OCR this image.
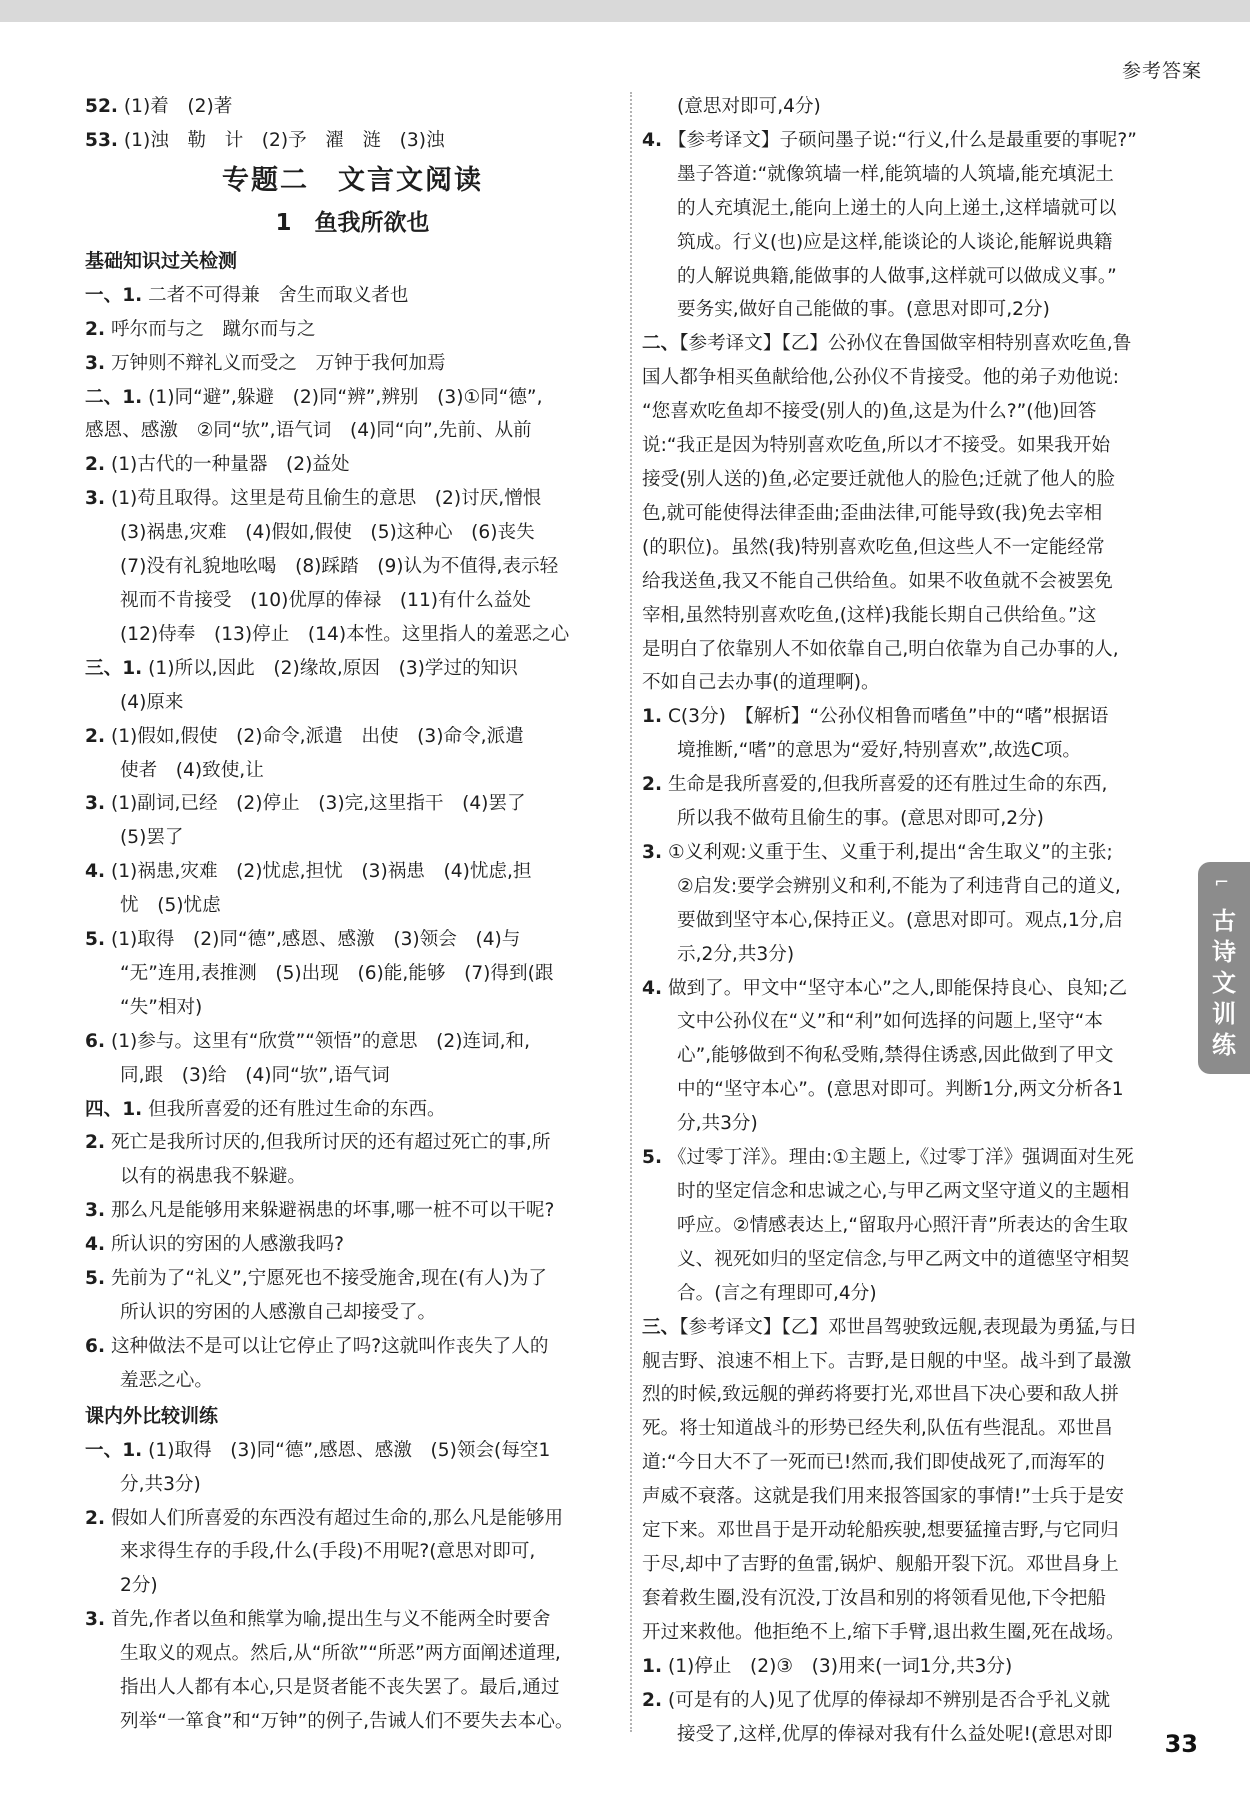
参考答案
52. (1)着　(2)著
53. (1)浊　勒　计　(2)予　濯　涟　(3)浊
专题二　文言文阅读
1　鱼我所欲也
基础知识过关检测
一、1. 二者不可得兼　舍生而取义者也
2. 呼尔而与之　蹴尔而与之
3. 万钟则不辩礼义而受之　万钟于我何加焉
二、1. (1)同“避”,躲避　(2)同“辨”,辨别　(3)①同“德”,
感恩、感激　②同“欤”,语气词　(4)同“向”,先前、从前
2. (1)古代的一种量器　(2)益处
3. (1)苟且取得。这里是苟且偷生的意思　(2)讨厌,憎恨
(3)祸患,灾难　(4)假如,假使　(5)这种心　(6)丧失
(7)没有礼貌地吆喝　(8)踩踏　(9)认为不值得,表示轻
视而不肯接受　(10)优厚的俸禄　(11)有什么益处
(12)侍奉　(13)停止　(14)本性。这里指人的羞恶之心
三、1. (1)所以,因此　(2)缘故,原因　(3)学过的知识
(4)原来
2. (1)假如,假使　(2)命令,派遣　出使　(3)命令,派遣
使者　(4)致使,让
3. (1)副词,已经　(2)停止　(3)完,这里指干　(4)罢了
(5)罢了
4. (1)祸患,灾难　(2)忧虑,担忧　(3)祸患　(4)忧虑,担
忧　(5)忧虑
5. (1)取得　(2)同“德”,感恩、感激　(3)领会　(4)与
“无”连用,表推测　(5)出现　(6)能,能够　(7)得到(跟
“失”相对)
6. (1)参与。这里有“欣赏”“领悟”的意思　(2)连词,和,
同,跟　(3)给　(4)同“欤”,语气词
四、1. 但我所喜爱的还有胜过生命的东西。
2. 死亡是我所讨厌的,但我所讨厌的还有超过死亡的事,所
以有的祸患我不躲避。
3. 那么凡是能够用来躲避祸患的坏事,哪一桩不可以干呢?
4. 所认识的穷困的人感激我吗?
5. 先前为了“礼义”,宁愿死也不接受施舍,现在(有人)为了
所认识的穷困的人感激自己却接受了。
6. 这种做法不是可以让它停止了吗?这就叫作丧失了人的
羞恶之心。
课内外比较训练
一、1. (1)取得　(3)同“德”,感恩、感激　(5)领会(每空1
分,共3分)
2. 假如人们所喜爱的东西没有超过生命的,那么凡是能够用
来求得生存的手段,什么(手段)不用呢?(意思对即可,
2分)
3. 首先,作者以鱼和熊掌为喻,提出生与义不能两全时要舍
生取义的观点。然后,从“所欲”“所恶”两方面阐述道理,
指出人人都有本心,只是贤者能不丧失罢了。最后,通过
列举“一箪食”和“万钟”的例子,告诫人们不要失去本心。
(意思对即可,4分)
4. 【参考译文】子硕问墨子说:“行义,什么是最重要的事呢?”
墨子答道:“就像筑墙一样,能筑墙的人筑墙,能充填泥土
的人充填泥土,能向上递土的人向上递土,这样墙就可以
筑成。行义(也)应是这样,能谈论的人谈论,能解说典籍
的人解说典籍,能做事的人做事,这样就可以做成义事。”
要务实,做好自己能做的事。(意思对即可,2分)
二、【参考译文】【乙】公孙仪在鲁国做宰相特别喜欢吃鱼,鲁
国人都争相买鱼献给他,公孙仪不肯接受。他的弟子劝他说:
“您喜欢吃鱼却不接受(别人的)鱼,这是为什么?”(他)回答
说:“我正是因为特别喜欢吃鱼,所以才不接受。如果我开始
接受(别人送的)鱼,必定要迁就他人的脸色;迁就了他人的脸
色,就可能使得法律歪曲;歪曲法律,可能导致(我)免去宰相
(的职位)。虽然(我)特别喜欢吃鱼,但这些人不一定能经常
给我送鱼,我又不能自己供给鱼。如果不收鱼就不会被罢免
宰相,虽然特别喜欢吃鱼,(这样)我能长期自己供给鱼。”这
是明白了依靠别人不如依靠自己,明白依靠为自己办事的人,
不如自己去办事(的道理啊)。
1. C(3分)　【解析】“公孙仪相鲁而嗜鱼”中的“嗜”根据语
境推断,“嗜”的意思为“爱好,特别喜欢”,故选C项。
2. 生命是我所喜爱的,但我所喜爱的还有胜过生命的东西,
所以我不做苟且偷生的事。(意思对即可,2分)
3. ①义利观:义重于生、义重于利,提出“舍生取义”的主张;
②启发:要学会辨别义和利,不能为了利违背自己的道义,
要做到坚守本心,保持正义。(意思对即可。观点,1分,启
示,2分,共3分)
4. 做到了。甲文中“坚守本心”之人,即能保持良心、良知;乙
文中公孙仪在“义”和“利”如何选择的问题上,坚守“本
心”,能够做到不徇私受贿,禁得住诱惑,因此做到了甲文
中的“坚守本心”。(意思对即可。判断1分,两文分析各1
分,共3分)
5. 《过零丁洋》。理由:①主题上,《过零丁洋》强调面对生死
时的坚定信念和忠诚之心,与甲乙两文坚守道义的主题相
呼应。②情感表达上,“留取丹心照汗青”所表达的舍生取
义、视死如归的坚定信念,与甲乙两文中的道德坚守相契
合。(言之有理即可,4分)
三、【参考译文】【乙】邓世昌驾驶致远舰,表现最为勇猛,与日
舰吉野、浪速不相上下。吉野,是日舰的中坚。战斗到了最激
烈的时候,致远舰的弹药将要打光,邓世昌下决心要和敌人拼
死。将士知道战斗的形势已经失利,队伍有些混乱。邓世昌
道:“今日大不了一死而已!然而,我们即使战死了,而海军的
声威不衰落。这就是我们用来报答国家的事情!”士兵于是安
定下来。邓世昌于是开动轮船疾驶,想要猛撞吉野,与它同归
于尽,却中了吉野的鱼雷,锅炉、舰船开裂下沉。邓世昌身上
套着救生圈,没有沉没,丁汝昌和别的将领看见他,下令把船
开过来救他。他拒绝不上,缩下手臂,退出救生圈,死在战场。
1. (1)停止　(2)③　(3)用来(一词1分,共3分)
2. (可是有的人)见了优厚的俸禄却不辨别是否合乎礼义就
接受了,这样,优厚的俸禄对我有什么益处呢!(意思对即
⌐
古诗文训练
33
